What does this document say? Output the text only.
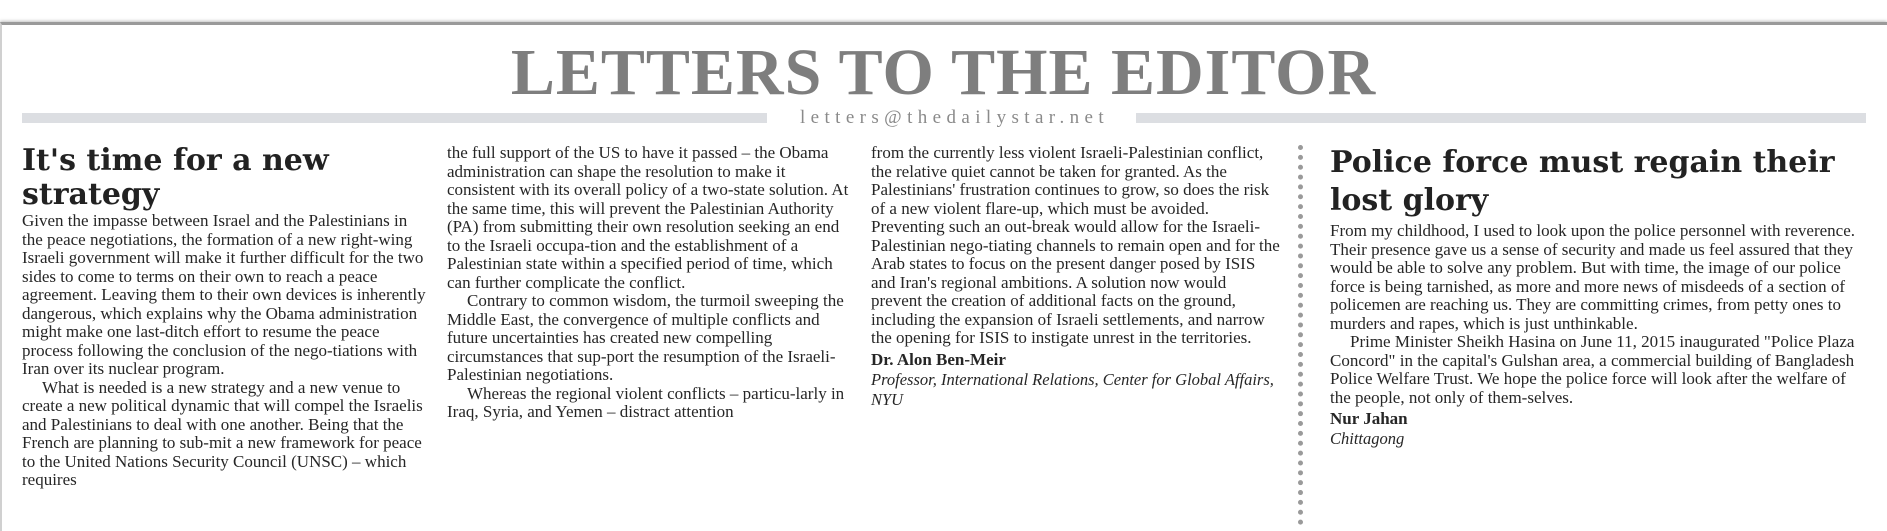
LETTERS TO THE EDITOR
letters@thedailystar.net
It's time for a new strategy

Given the impasse between Israel and the Palestinians in the peace negotiations, the formation of a new right-wing Israeli government will make it further difficult for the two sides to come to terms on their own to reach a peace agreement. Leaving them to their own devices is inherently dangerous, which explains why the Obama administration might make one last-ditch effort to resume the peace process following the conclusion of the nego-tiations with Iran over its nuclear program.

What is needed is a new strategy and a new venue to create a new political dynamic that will compel the Israelis and Palestinians to deal with one another. Being that the French are planning to sub-mit a new framework for peace to the United Nations Security Council (UNSC) – which requires

the full support of the US to have it passed – the Obama administration can shape the resolution to make it consistent with its overall policy of a two-state solution. At the same time, this will prevent the Palestinian Authority (PA) from submitting their own resolution seeking an end to the Israeli occupa-tion and the establishment of a Palestinian state within a specified period of time, which can further complicate the conflict.

Contrary to common wisdom, the turmoil sweeping the Middle East, the convergence of multiple conflicts and future uncertainties has created new compelling circumstances that sup-port the resumption of the Israeli-Palestinian negotiations.

Whereas the regional violent conflicts – particu-larly in Iraq, Syria, and Yemen – distract attention

from the currently less violent Israeli-Palestinian conflict, the relative quiet cannot be taken for granted. As the Palestinians' frustration continues to grow, so does the risk of a new violent flare-up, which must be avoided. Preventing such an out-break would allow for the Israeli-Palestinian nego-tiating channels to remain open and for the Arab states to focus on the present danger posed by ISIS and Iran's regional ambitions. A solution now would prevent the creation of additional facts on the ground, including the expansion of Israeli settlements, and narrow the opening for ISIS to instigate unrest in the territories.

Dr. Alon Ben-Meir
Professor, International Relations, Center for Global Affairs, NYU
Police force must regain their lost glory

From my childhood, I used to look upon the police personnel with reverence. Their presence gave us a sense of security and made us feel assured that they would be able to solve any problem. But with time, the image of our police force is being tarnished, as more and more news of misdeeds of a section of policemen are reaching us. They are committing crimes, from petty ones to murders and rapes, which is just unthinkable.

Prime Minister Sheikh Hasina on June 11, 2015 inaugurated "Police Plaza Concord" in the capital's Gulshan area, a commercial building of Bangladesh Police Welfare Trust. We hope the police force will look after the welfare of the people, not only of them-selves.

Nur Jahan
Chittagong
